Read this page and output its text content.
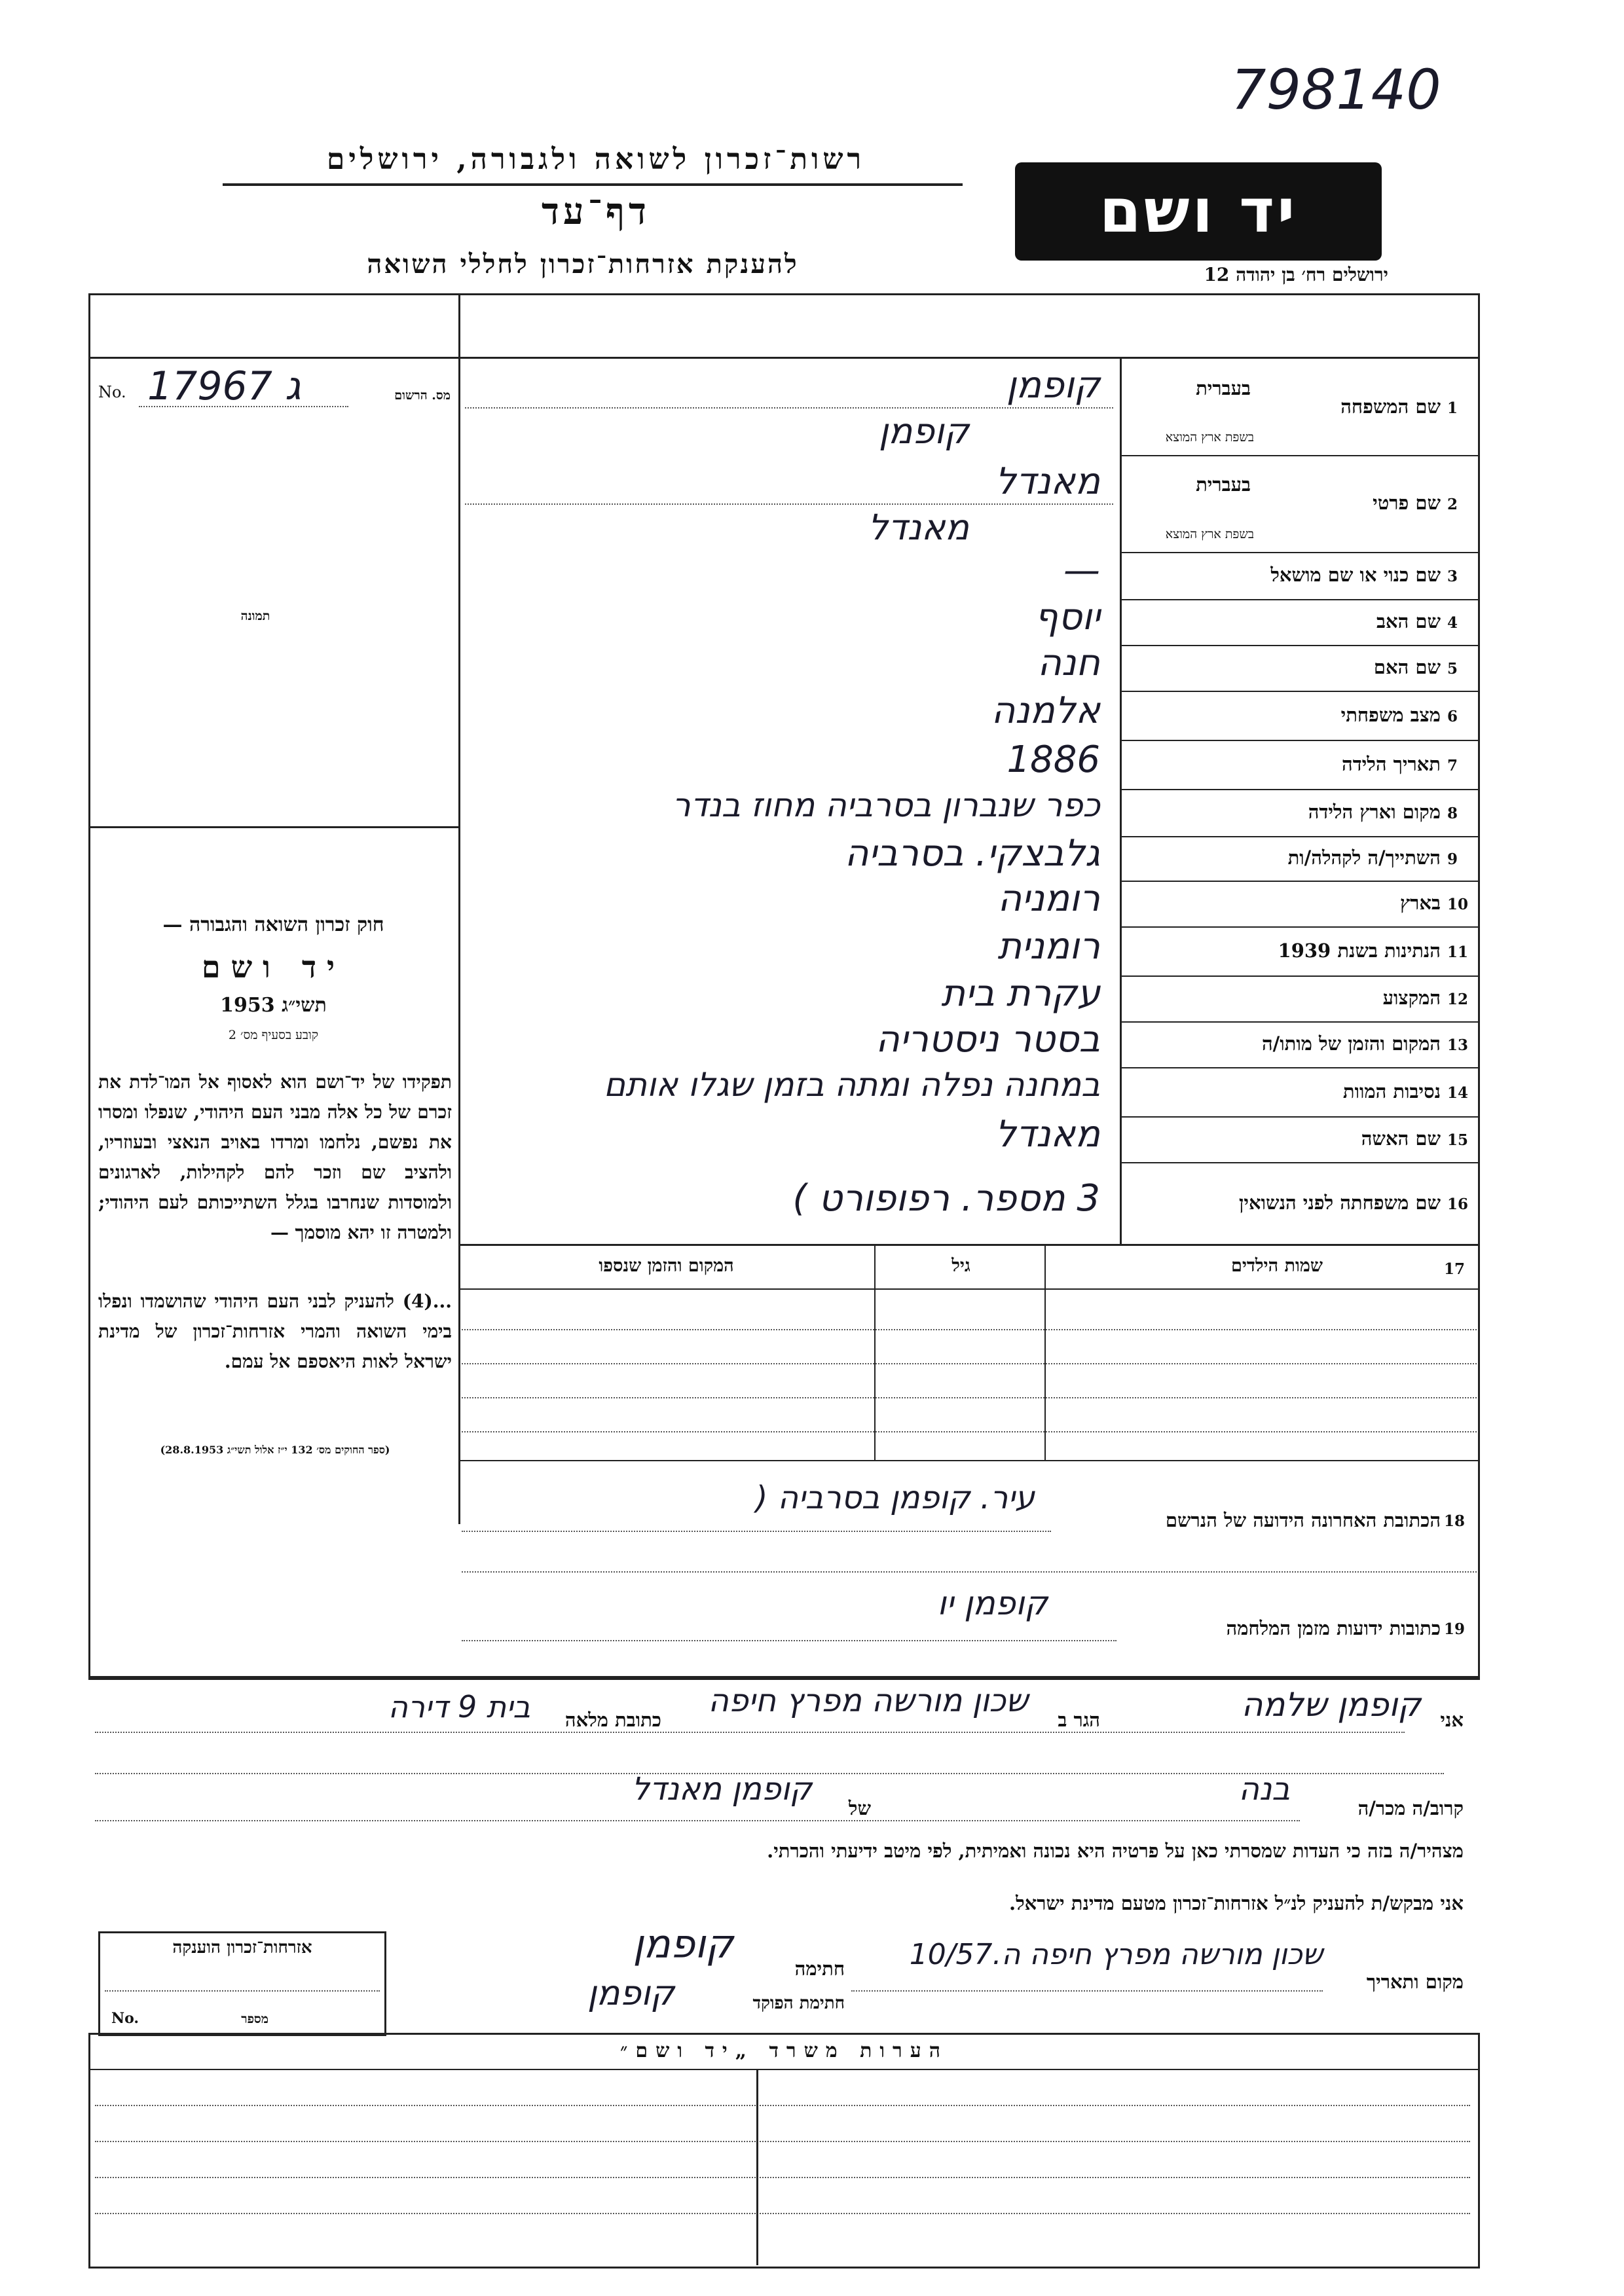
798140
רשות־זכרון לשואה ולגבורה, ירושלים
דף־עד
להענקת אזרחות־זכרון לחללי השואה
יד ושם
ירושלים רח׳ בן יהודה 12
No. ג 17967	מס. הרשום
תמונה
חוק זכרון השואה והגבורה —
יד ושם
תשי״ג 1953
קובע בסעיף מס׳ 2
תפקידו של יד־ושם הוא לאסוף אל המו־לדת את זכרם של כל אלה מבני העם היהודי, שנפלו ומסרו את נפשם, נלחמו ומרדו באויב הנאצי ובעוזריו, ולהציב שם וזכר להם לקהילות, לארגונים ולמוסדות שנחרבו בגלל השתייכותם לעם היהודי; ולמטרה זו יהא מוסמך —
...(4) להעניק לבני העם היהודי שהושמדו ונפלו בימי השואה והמרי אזרחות־זכרון של מדינת ישראל לאות היאספם אל עמם.
(ספר החוקים מס׳ 132 י״ז אלול תשי״ג 28.8.1953)
1
שם המשפחה
בעברית
בשפת ארץ המוצא
קופמן
קופמן
2
שם פרטי
בעברית
בשפת ארץ המוצא
מאנדל
מאנדל
3
שם כנוי או שם מושאל
—
4
שם האב
יוסף
5
שם האם
חנה
6
מצב משפחתי
אלמנה
7
תאריך הלידה
1886
8
מקום וארץ הלידה
כפר שנברון בסרביה מחוז בנדר
9
השתייך/ה לקהלה/ות
גלבצקי. בסרביה
10
בארץ
רומניה
11
הנתינות בשנת 1939
רומנית
12
המקצוע
עקרת בית
13
המקום והזמן של מותו/ה
בסטר ניסטריה
14
נסיבות המוות
במחנה נפלה ומתה בזמן שגלו אותם
15
שם האשה
מאנדל
16
שם משפחתה לפני הנשואין
3 מספר. רפופורט )
17
שמות הילדים
גיל
המקום והזמן שנספו
18
הכתובת האחרונה הידועה של הנרשם
עיר. קופמן בסרביה (
19
כתובות ידועות מזמן המלחמה
קופמן יו
אני
קופמן שלמה
הגר ב
שכון מורשה מפרץ חיפה
כתובת מלאה
בית 9 דירה
קרוב/ה מכר/ה
בנה
של
קופמן מאנדל
מצהיר/ה בזה כי העדות שמסרתי כאן על פרטיה היא נכונה ואמיתית, לפי מיטב ידיעתי והכרתי.
אני מבקש/ת להעניק לנ״ל אזרחות־זכרון מטעם מדינת ישראל.
מקום ותאריך
שכון מורשה מפרץ חיפה ה.10/57
חתימה
קופמן
חתימת הפוקד
קופמן
אזרחות־זכרון הוענקה
No.	מספר
הערות משרד „יד ושם״
